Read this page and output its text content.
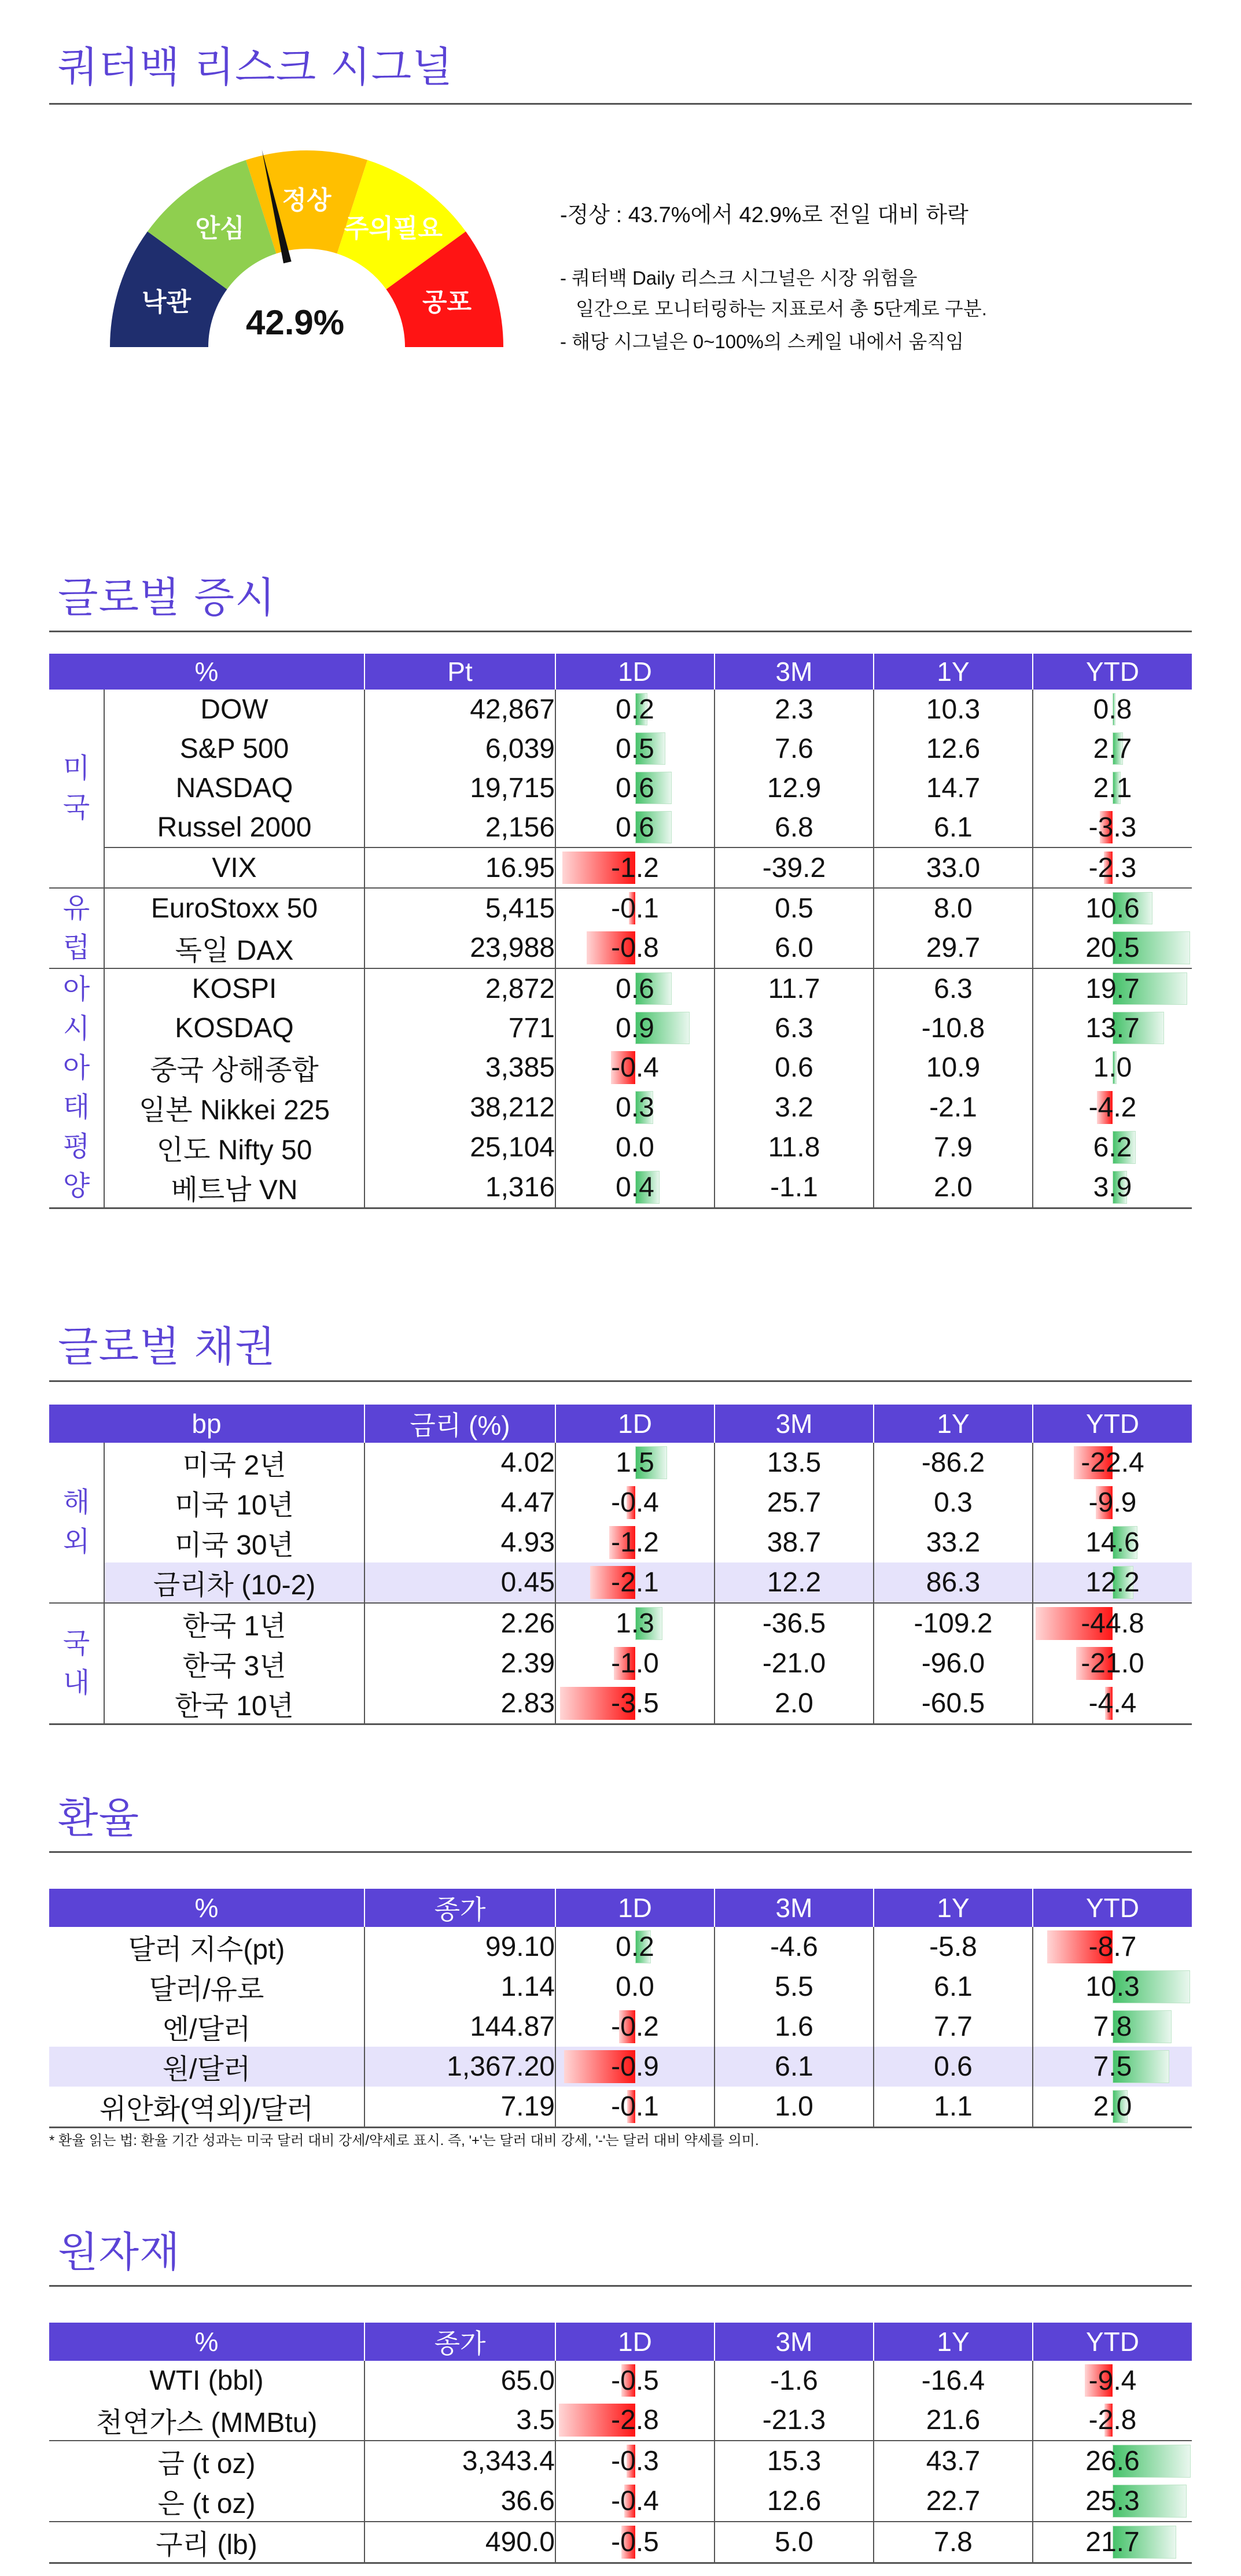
쿼터백 리스크 시그널
낙관
안심
정상
주의필요
공포
42.9%
-정상 : 43.7%에서 42.9%로 전일 대비 하락
- 쿼터백 Daily 리스크 시그널은 시장 위험을
일간으로 모니터링하는 지표로서 총 5단계로 구분.
- 해당 시그널은 0~100%의 스케일 내에서 움직임
글로벌 증시
%		Pt	1D	3M	1Y	YTD
미국	DOW	42,867	0.2	2.3	10.3	0.8

	S&P 500	6,039	0.5	7.6	12.6	2.7

	NASDAQ	19,715	0.6	12.9	14.7	2.1

	Russel 2000	2,156	0.6	6.8	6.1	-3.3

	VIX	16.95	-1.2	-39.2	33.0	-2.3

유럽	EuroStoxx 50	5,415	-0.1	0.5	8.0	10.6

	독일 DAX	23,988	-0.8	6.0	29.7	20.5

아시아태평양	KOSPI	2,872	0.6	11.7	6.3	19.7

	KOSDAQ	771	0.9	6.3	-10.8	13.7

	중국 상해종합	3,385	-0.4	0.6	10.9	1.0

	일본 Nikkei 225	38,212	0.3	3.2	-2.1	-4.2

	인도 Nifty 50	25,104	0.0	11.8	7.9	6.2

	베트남 VN	1,316	0.4	-1.1	2.0	3.9
글로벌 채권
bp		금리 (%)	1D	3M	1Y	YTD
해외	미국 2년	4.02	1.5	13.5	-86.2	-22.4

	미국 10년	4.47	-0.4	25.7	0.3	-9.9

	미국 30년	4.93	-1.2	38.7	33.2	14.6

	금리차 (10-2)	0.45	-2.1	12.2	86.3	12.2

국내	한국 1년	2.26	1.3	-36.5	-109.2	-44.8

	한국 3년	2.39	-1.0	-21.0	-96.0	-21.0

	한국 10년	2.83	-3.5	2.0	-60.5	-4.4
환율
%	종가	1D	3M	1Y	YTD
달러 지수(pt)	99.10	0.2	-4.6	-5.8	-8.7

달러/유로	1.14	0.0	5.5	6.1	10.3

엔/달러	144.87	-0.2	1.6	7.7	7.8

원/달러	1,367.20	-0.9	6.1	0.6	7.5

위안화(역외)/달러	7.19	-0.1	1.0	1.1	2.0
* 환율 읽는 법: 환율 기간 성과는 미국 달러 대비 강세/약세로 표시. 즉, '+'는 달러 대비 강세, '-'는 달러 대비 약세를 의미.
원자재
%	종가	1D	3M	1Y	YTD
WTI (bbl)	65.0	-0.5	-1.6	-16.4	-9.4

천연가스 (MMBtu)	3.5	-2.8	-21.3	21.6	-2.8

금 (t oz)	3,343.4	-0.3	15.3	43.7	26.6

은 (t oz)	36.6	-0.4	12.6	22.7	25.3

구리 (lb)	490.0	-0.5	5.0	7.8	21.7
